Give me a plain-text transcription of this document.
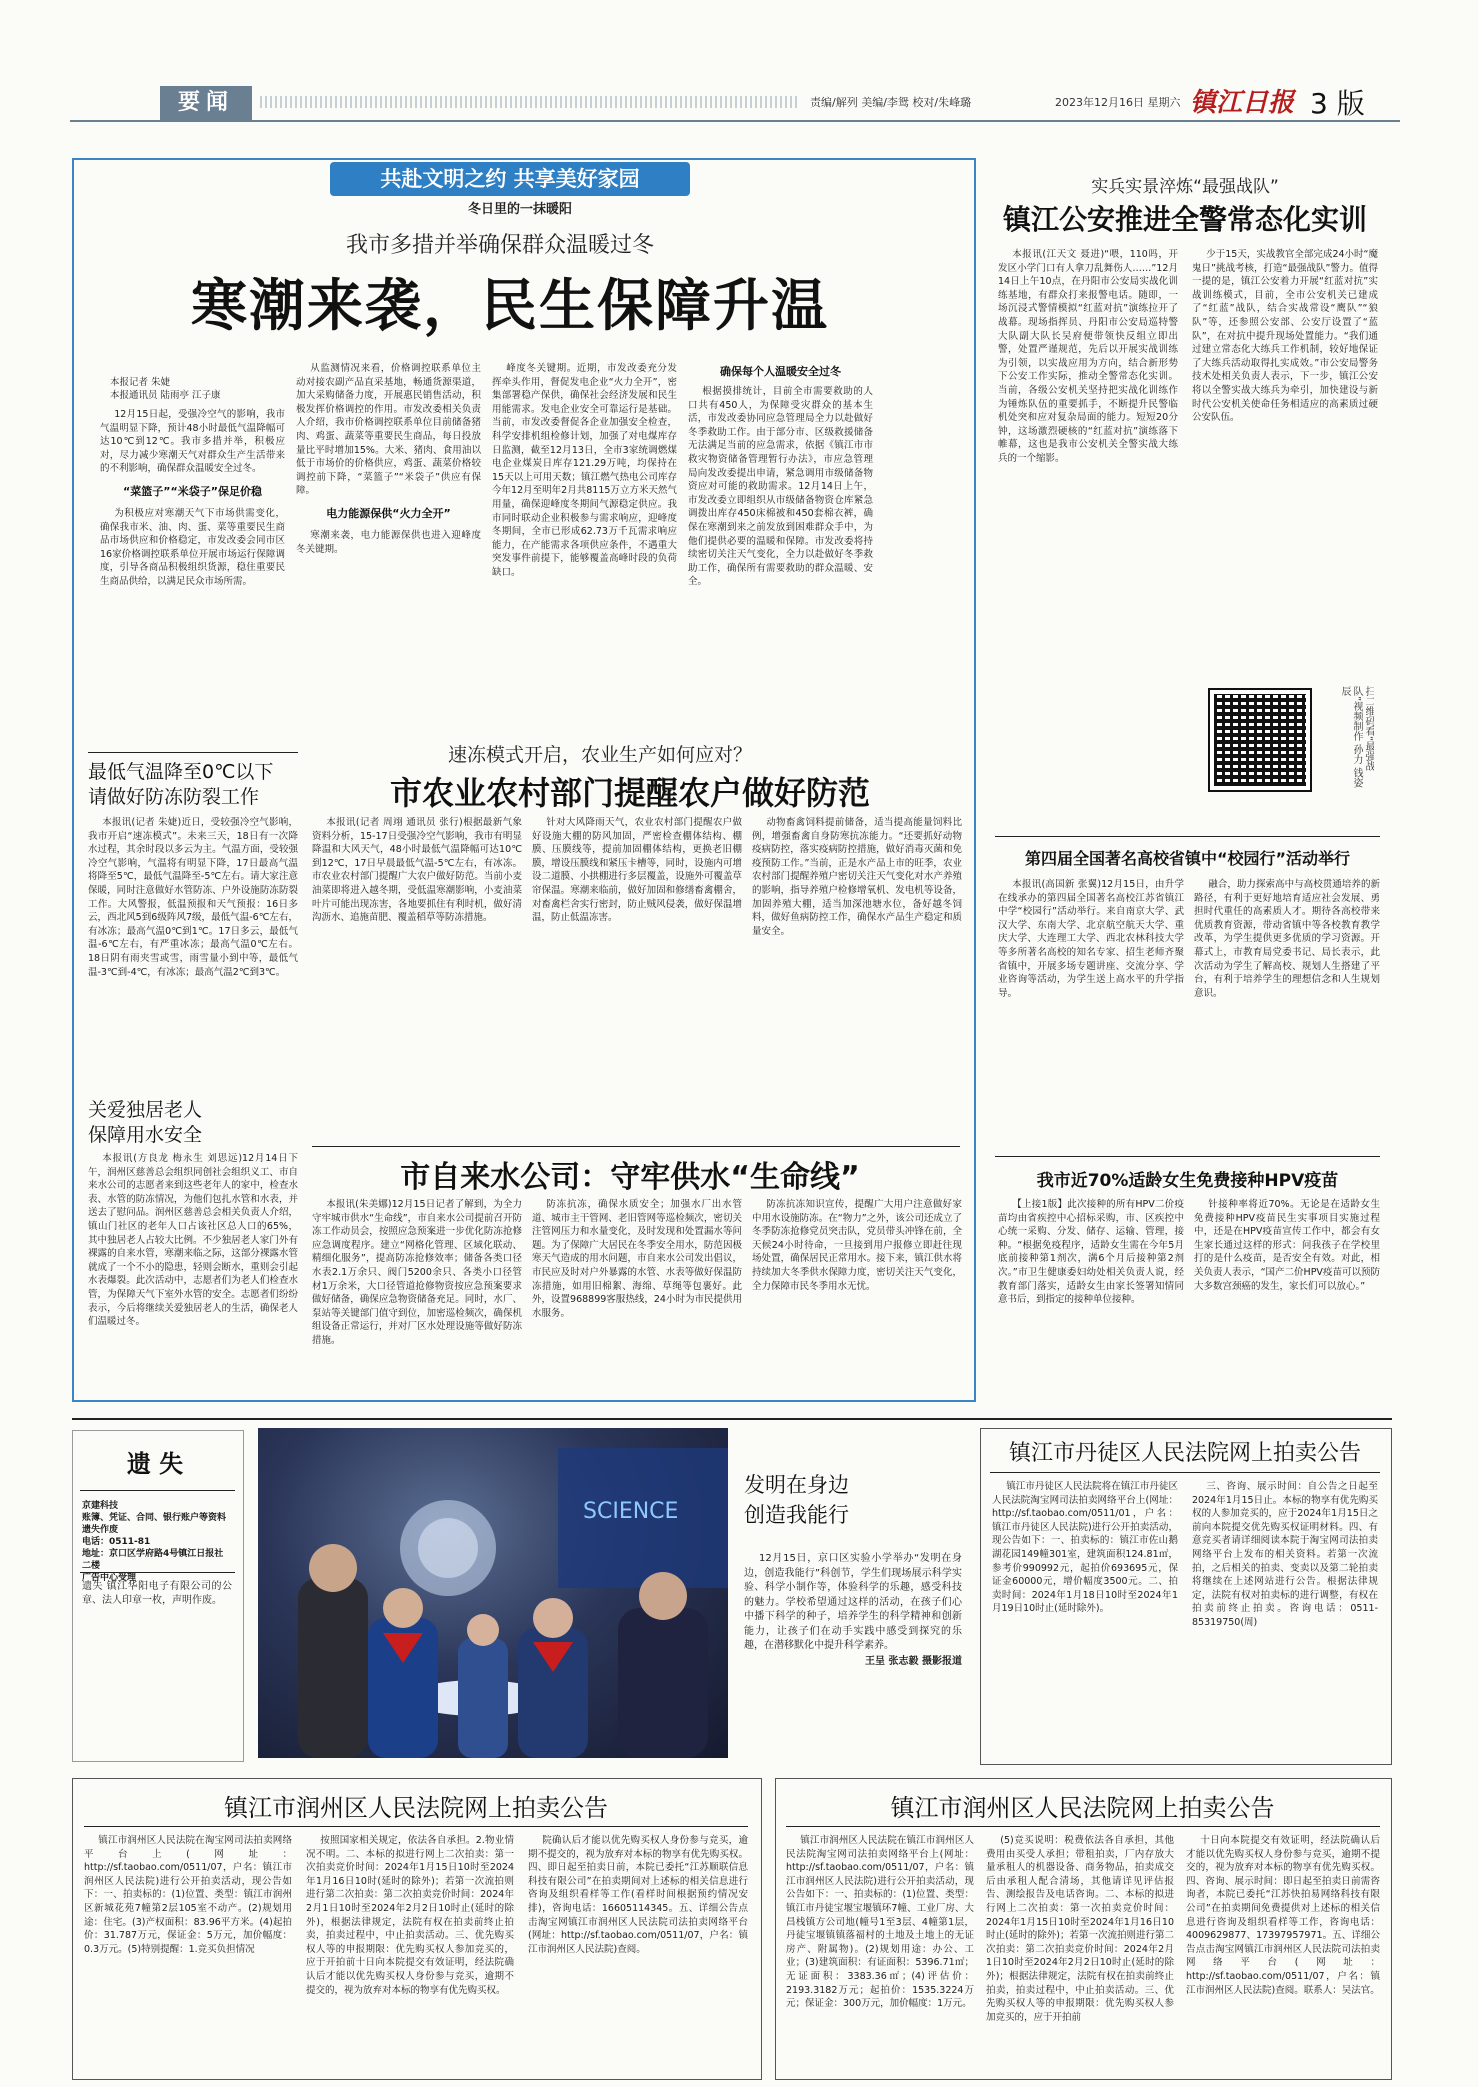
要闻	责编/解列 美编/李鸳 校对/朱峰璐	2023年12月16日 星期六 镇江日报 3 版
共赴文明之约 共享美好家园
冬日里的一抹暖阳
我市多措并举确保群众温暖过冬
寒潮来袭，民生保障升温

本报记者 朱婕
本报通讯员 陆雨亭 江子康

12月15日起，受强冷空气的影响，我市气温明显下降，预计48小时最低气温降幅可达10℃到12℃。我市多措并举，积极应对，尽力减少寒潮天气对群众生产生活带来的不利影响，确保群众温暖安全过冬。

“菜篮子”“米袋子”保足价稳

为积极应对寒潮天气下市场供需变化，确保我市米、油、肉、蛋、菜等重要民生商品市场供应和价格稳定，市发改委会同市区16家价格调控联系单位开展市场运行保障调度，引导各商品积极组织货源，稳住重要民生商品供给，以满足民众市场所需。

从监测情况来看，价格调控联系单位主动对接农副产品直采基地，畅通货源渠道，加大采购储备力度，开展惠民销售活动，积极发挥价格调控的作用。市发改委相关负责人介绍，我市价格调控联系单位目前储备猪肉、鸡蛋、蔬菜等重要民生商品，每日投放量比平时增加15%。大米、猪肉、食用油以低于市场价的价格供应，鸡蛋、蔬菜价格较调控前下降，“菜篮子”“米袋子”供应有保障。

电力能源保供“火力全开”

寒潮来袭，电力能源保供也进入迎峰度冬关键期。

峰度冬关键期。近期，市发改委充分发挥牵头作用，督促发电企业“火力全开”，密集部署稳产保供，确保社会经济发展和民生用能需求。发电企业安全可靠运行是基础。当前，市发改委督促各企业加强安全检查，科学安排机组检修计划，加强了对电煤库存日监测，截至12月13日，全市3家统调燃煤电企业煤炭日库存121.29万吨，均保持在15天以上可用天数；镇江燃气热电公司库存今年12月至明年2月共8115万立方米天然气用量，确保迎峰度冬期间气源稳定供应。我市同时联动企业积极参与需求响应，迎峰度冬期间，全市已形成62.73万千瓦需求响应能力，在产能需求各项供应条件，不遇重大突发事件前提下，能够覆盖高峰时段的负荷缺口。

确保每个人温暖安全过冬

根据摸排统计，目前全市需要救助的人口共有450人，为保障受灾群众的基本生活，市发改委协同应急管理局全力以赴做好冬季救助工作。由于部分市、区级救援储备无法满足当前的应急需求，依据《镇江市市救灾物资储备管理暂行办法》，市应急管理局向发改委提出申请，紧急调用市级储备物资应对可能的救助需求。12月14日上午，市发改委立即组织从市级储备物资仓库紧急调拨出库存450床棉被和450套棉衣裤，确保在寒潮到来之前发放到困难群众手中，为他们提供必要的温暖和保障。市发改委将持续密切关注天气变化，全力以赴做好冬季救助工作，确保所有需要救助的群众温暖、安全。

最低气温降至0℃以下
请做好防冻防裂工作

本报讯(记者 朱婕)近日，受较强冷空气影响，我市开启“速冻模式”。未来三天，18日有一次降水过程，其余时段以多云为主。气温方面，受较强冷空气影响，气温将有明显下降，17日最高气温将降至5℃，最低气温降至-5℃左右。请大家注意保暖，同时注意做好水管防冻、户外设施防冻防裂工作。大风警报，低温预报和天气预报：16日多云，西北风5到6级阵风7级，最低气温-6℃左右，有冰冻；最高气温0℃到1℃。17日多云，最低气温-6℃左右，有严重冰冻；最高气温0℃左右。18日阴有雨夹雪或雪，雨雪量小到中等，最低气温-3℃到-4℃，有冰冻；最高气温2℃到3℃。

速冻模式开启，农业生产如何应对？
市农业农村部门提醒农户做好防范

本报讯(记者 周翊 通讯员 张行)根据最新气象资料分析，15-17日受强冷空气影响，我市有明显降温和大风天气，48小时最低气温降幅可达10℃到12℃，17日早晨最低气温-5℃左右，有冰冻。市农业农村部门提醒广大农户做好防范。当前小麦油菜即将进入越冬期，受低温寒潮影响，小麦油菜叶片可能出现冻害，各地要抓住有利时机，做好清沟沥水、追施苗肥、覆盖稻草等防冻措施。

针对大风降雨天气，农业农村部门提醒农户做好设施大棚的防风加固，严密检查棚体结构、棚膜、压膜线等，提前加固棚体结构，更换老旧棚膜，增设压膜线和紧压卡槽等，同时，设施内可增设二道膜、小拱棚进行多层覆盖，设施外可覆盖草帘保温。寒潮来临前，做好加固和修缮畜禽棚舍，对畜禽栏舍实行密封，防止贼风侵袭，做好保温增温，防止低温冻害。

动物畜禽饲料提前储备，适当提高能量饲料比例，增强畜禽自身防寒抗冻能力。“还要抓好动物疫病防控，落实疫病防控措施，做好消毒灭菌和免疫预防工作。”当前，正是水产品上市的旺季，农业农村部门提醒养殖户密切关注天气变化对水产养殖的影响，指导养殖户检修增氧机、发电机等设备，加固养殖大棚，适当加深池塘水位，备好越冬饲料，做好鱼病防控工作，确保水产品生产稳定和质量安全。

关爱独居老人
保障用水安全

本报讯(方良龙 梅永生 刘思远)12月14日下午，润州区慈善总会组织同创社会组织义工、市自来水公司的志愿者来到这些老年人的家中，检查水表、水管的防冻情况，为他们包扎水管和水表，并送去了慰问品。润州区慈善总会相关负责人介绍，镇山门社区的老年人口占该社区总人口的65%，其中独居老人占较大比例。不少独居老人家门外有裸露的自来水管，寒潮来临之际，这部分裸露水管就成了一个不小的隐患，轻则会断水，重则会引起水表爆裂。此次活动中，志愿者们为老人们检查水管，为保障天气下室外水管的安全。志愿者们纷纷表示，今后将继续关爱独居老人的生活，确保老人们温暖过冬。

市自来水公司：守牢供水“生命线”

本报讯(朱美娜)12月15日记者了解到，为全力守牢城市供水“生命线”，市自来水公司提前召开防冻工作动员会，按照应急预案进一步优化防冻抢修应急调度程序。建立“网格化管理、区域化联动、精细化服务”，提高防冻抢修效率；储备各类口径水表2.1万余只、阀门5200余只、各类小口径管材1万余米，大口径管道抢修物资按应急预案要求做好储备，确保应急物资储备充足。同时，水厂、泵站等关键部门值守到位，加密巡检频次，确保机组设备正常运行，并对厂区水处理设施等做好防冻措施。

防冻抗冻，确保水质安全；加强水厂出水管道、城市主干管网、老旧管网等巡检频次，密切关注管网压力和水量变化，及时发现和处置漏水等问题。为了保障广大居民在冬季安全用水，防范因极寒天气造成的用水问题，市自来水公司发出倡议，市民应及时对户外暴露的水管、水表等做好保温防冻措施，如用旧棉絮、海绵、草绳等包裹好。此外，设置968899客服热线，24小时为市民提供用水服务。

防冻抗冻知识宣传，提醒广大用户注意做好家中用水设施防冻。在“物力”之外，该公司还成立了冬季防冻抢修党员突击队，党员带头冲锋在前，全天候24小时待命，一旦接到用户报修立即赶往现场处置，确保居民正常用水。接下来，镇江供水将持续加大冬季供水保障力度，密切关注天气变化，全力保障市民冬季用水无忧。

实兵实景淬炼“最强战队”
镇江公安推进全警常态化实训

本报讯(江天文 聂进)“喂，110吗，开发区小学门口有人拿刀乱舞伤人……”12月14日上午10点，在丹阳市公安局实战化训练基地，有群众打来报警电话。随即，一场沉浸式警情模拟“红蓝对抗”演练拉开了战幕。现场指挥员、丹阳市公安局巡特警大队副大队长吴府便带领快反组立即出警，处置严谨规范，先后以开展实战训练为引领，以实战应用为方向，结合新形势下公安工作实际，推动全警常态化实训。当前，各级公安机关坚持把实战化训练作为锤炼队伍的重要抓手，不断提升民警临机处突和应对复杂局面的能力。短短20分钟，这场激烈硬核的“红蓝对抗”演练落下帷幕，这也是我市公安机关全警实战大练兵的一个缩影。

少于15天，实战教官全部完成24小时“魔鬼日”挑战考核，打造“最强战队”警力。值得一提的是，镇江公安着力开展“红蓝对抗”实战训练模式，目前，全市公安机关已建成了“红蓝”战队，结合实战常设“鹰队”“狼队”等，还参照公安部、公安厅设置了“蓝队”，在对抗中提升现场处置能力。“我们通过建立常态化大练兵工作机制，较好地保证了大练兵活动取得扎实成效。”市公安局警务技术处相关负责人表示，下一步，镇江公安将以全警实战大练兵为牵引，加快建设与新时代公安机关使命任务相适应的高素质过硬公安队伍。

扫二维码看“最强战队”视频制作 孙力 钱姿辰
第四届全国著名高校省镇中“校园行”活动举行

本报讯(高国新 张翼)12月15日，由升学在线承办的第四届全国著名高校江苏省镇江中学“校园行”活动举行。来自南京大学、武汉大学、东南大学、北京航空航天大学、重庆大学、大连理工大学、西北农林科技大学等多所著名高校的知名专家、招生老师齐聚省镇中，开展多场专题讲座、交流分享、学业咨询等活动，为学生送上高水平的升学指导。

融合，助力探索高中与高校贯通培养的新路径，有利于更好地培育适应社会发展、勇担时代重任的高素质人才。期待各高校带来优质教育资源，带动省镇中等各校教育教学改革，为学生提供更多优质的学习资源。开幕式上，市教育局党委书记、局长表示，此次活动为学生了解高校、规划人生搭建了平台，有利于培养学生的理想信念和人生规划意识。

我市近70%适龄女生免费接种HPV疫苗

【上接1版】此次接种的所有HPV二价疫苗均由省疾控中心招标采购，市、区疾控中心统一采购、分发、储存、运输、管理，接种。“根据免疫程序，适龄女生需在今年5月底前接种第1剂次，满6个月后接种第2剂次。”市卫生健康委妇幼处相关负责人说，经教育部门落实，适龄女生由家长签署知情同意书后，到指定的接种单位接种。

针接种率将近70%。无论是在适龄女生免费接种HPV疫苗民生实事项目实施过程中，还是在HPV疫苗宣传工作中，都会有女生家长通过这样的形式：问我孩子在学校里打的是什么疫苗，是否安全有效。对此，相关负责人表示，“国产二价HPV疫苗可以预防大多数宫颈癌的发生，家长们可以放心。”

遗 失
京建科技
账簿、凭证、合同、银行账户等资料遗失作废
电话：0511-81
地址：京口区学府路4号镇江日报社二楼
广告中心受理
遗失 镇江华阳电子有限公司的公章、法人印章一枚，声明作废。
SCIENCE
发明在身边
创造我能行

12月15日，京口区实验小学举办“发明在身边，创造我能行”科创节，学生们现场展示科学实验、科学小制作等，体验科学的乐趣，感受科技的魅力。学校希望通过这样的活动，在孩子们心中播下科学的种子，培养学生的科学精神和创新能力，让孩子们在动手实践中感受到探究的乐趣，在潜移默化中提升科学素养。

王呈 张志毅 摄影报道
镇江市丹徒区人民法院网上拍卖公告

镇江市丹徒区人民法院将在镇江市丹徒区人民法院淘宝网司法拍卖网络平台上(网址：http://sf.taobao.com/0511/01，户名：镇江市丹徒区人民法院)进行公开拍卖活动，现公告如下：一、拍卖标的：镇江市佐山鹅湖花园149幢301室，建筑面积124.81㎡，参考价990992元，起拍价693695元，保证金60000元，增价幅度3500元。二、拍卖时间：2024年1月18日10时至2024年1月19日10时止(延时除外)。

三、咨询、展示时间：自公告之日起至2024年1月15日止。本标的物享有优先购买权的人参加竞买的，应于2024年1月15日之前向本院提交优先购买权证明材料。四、有意竞买者请详细阅读本院于淘宝网司法拍卖网络平台上发布的相关资料。若第一次流拍，之后相关的拍卖、变卖以及第二轮拍卖将继续在上述网站进行公告。根据法律规定，法院有权对拍卖标的进行调整，有权在拍卖前终止拍卖。咨询电话：0511-85319750(周)

镇江市润州区人民法院网上拍卖公告

镇江市润州区人民法院在淘宝网司法拍卖网络平台上(网址：http://sf.taobao.com/0511/07，户名：镇江市润州区人民法院)进行公开拍卖活动，现公告如下：一、拍卖标的：(1)位置、类型：镇江市润州区新城花苑7幢第2层105室不动产。(2)规划用途：住宅。(3)产权面积：83.96平方米。(4)起拍价：31.787万元，保证金：5万元，加价幅度：0.3万元。(5)特别提醒：1.竞买负担情况

按照国家相关规定，依法各自承担。2.物业情况不明。二、本标的拟进行网上二次拍卖：第一次拍卖竞价时间：2024年1月15日10时至2024年1月16日10时(延时的除外)；若第一次流拍则进行第二次拍卖：第二次拍卖竞价时间：2024年2月1日10时至2024年2月2日10时止(延时的除外)，根据法律规定，法院有权在拍卖前终止拍卖，拍卖过程中，中止拍卖活动。三、优先购买权人等的申报期限：优先购买权人参加竞买的，应于开拍前十日向本院提交有效证明，经法院确认后才能以优先购买权人身份参与竞买，逾期不提交的，视为放弃对本标的物享有优先购买权。

院确认后才能以优先购买权人身份参与竞买，逾期不提交的，视为放弃对本标的物享有优先购买权。四、即日起至拍卖日前，本院已委托“江苏顺联信息科技有限公司”在拍卖期间对上述标的相关信息进行咨询及组织看样等工作(看样时间根据预约情况安排)，咨询电话：16605114345。五、详细公告点击淘宝网镇江市润州区人民法院司法拍卖网络平台(网址：http://sf.taobao.com/0511/07，户名：镇江市润州区人民法院)查阅。

镇江市润州区人民法院网上拍卖公告

镇江市润州区人民法院在镇江市润州区人民法院淘宝网司法拍卖网络平台上(网址：http://sf.taobao.com/0511/07，户名：镇江市润州区人民法院)进行公开拍卖活动，现公告如下：一、拍卖标的：(1)位置、类型：镇江市丹徒宝堰宝堰镇环7幢、工业厂房、大昌栈镇方公司地(幢号1至3层、4幢第1层，丹徒宝堰镇镇落福村的土地及土地上的无证房产、附属物)。(2)规划用途：办公、工业；(3)建筑面积：有证面积：5396.71㎡；无证面积：3383.36㎡；(4)评估价：2193.3182万元；起拍价：1535.3224万元；保证金：300万元，加价幅度：1万元。

(5)竞买说明：税费依法各自承担，其他费用由买受人承担；带租拍卖，厂内存放大量承租人的机器设备、商务物品，拍卖成交后由承租人配合清场，其他请详见评估报告、测绘报告及电话咨询。二、本标的拟进行网上二次拍卖：第一次拍卖竞价时间：2024年1月15日10时至2024年1月16日10时止(延时的除外)；若第一次流拍则进行第二次拍卖：第二次拍卖竞价时间：2024年2月1日10时至2024年2月2日10时止(延时的除外)；根据法律规定，法院有权在拍卖前终止拍卖，拍卖过程中，中止拍卖活动。三、优先购买权人等的申报期限：优先购买权人参加竞买的，应于开拍前

十日向本院提交有效证明，经法院确认后才能以优先购买权人身份参与竞买，逾期不提交的，视为放弃对本标的物享有优先购买权。四、咨询、展示时间：即日起至拍卖日前需咨询者，本院已委托“江苏快拍易网络科技有限公司”在拍卖期间免费提供对上述标的相关信息进行咨询及组织看样等工作，咨询电话：4009629877、17397957971。五、详细公告点击淘宝网镇江市润州区人民法院司法拍卖网络平台(网址：http://sf.taobao.com/0511/07，户名：镇江市润州区人民法院)查阅。联系人：吴法官。
